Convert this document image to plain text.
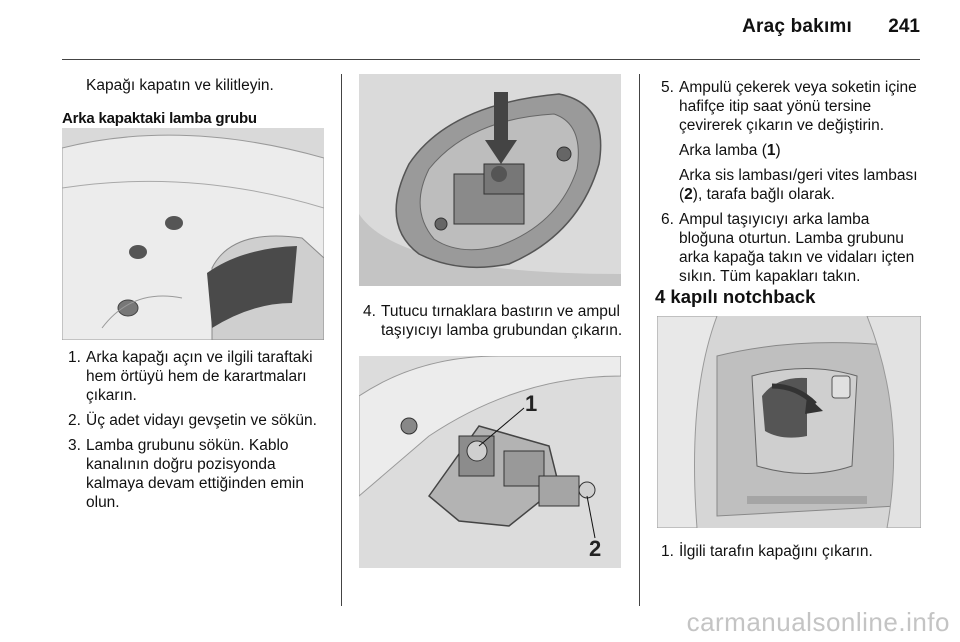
Araç bakımı 241

Kapağı kapatın ve kilitleyin.

Arka kapaktaki lamba grubu

1. Arka kapağı açın ve ilgili taraftaki hem örtüyü hem de karartmaları çıkarın.
2. Üç adet vidayı gevşetin ve sökün.
3. Lamba grubunu sökün. Kablo kanalının doğru pozisyonda kalmaya devam ettiğinden emin olun.
4. Tutucu tırnaklara bastırın ve ampul taşıyıcıyı lamba grubundan çıkarın.
1
2
5. Ampulü çekerek veya soketin içine hafifçe itip saat yönü tersine çevirerek çıkarın ve değiştirin.

Arka lamba (1)

Arka sis lambası/geri vites lambası (2), tarafa bağlı olarak.

6. Ampul taşıyıcıyı arka lamba bloğuna oturtun. Lamba grubunu arka kapağa takın ve vidaları içten sıkın. Tüm kapakları takın.

4 kapılı notchback

1. İlgili tarafın kapağını çıkarın.
carmanualsonline.info
